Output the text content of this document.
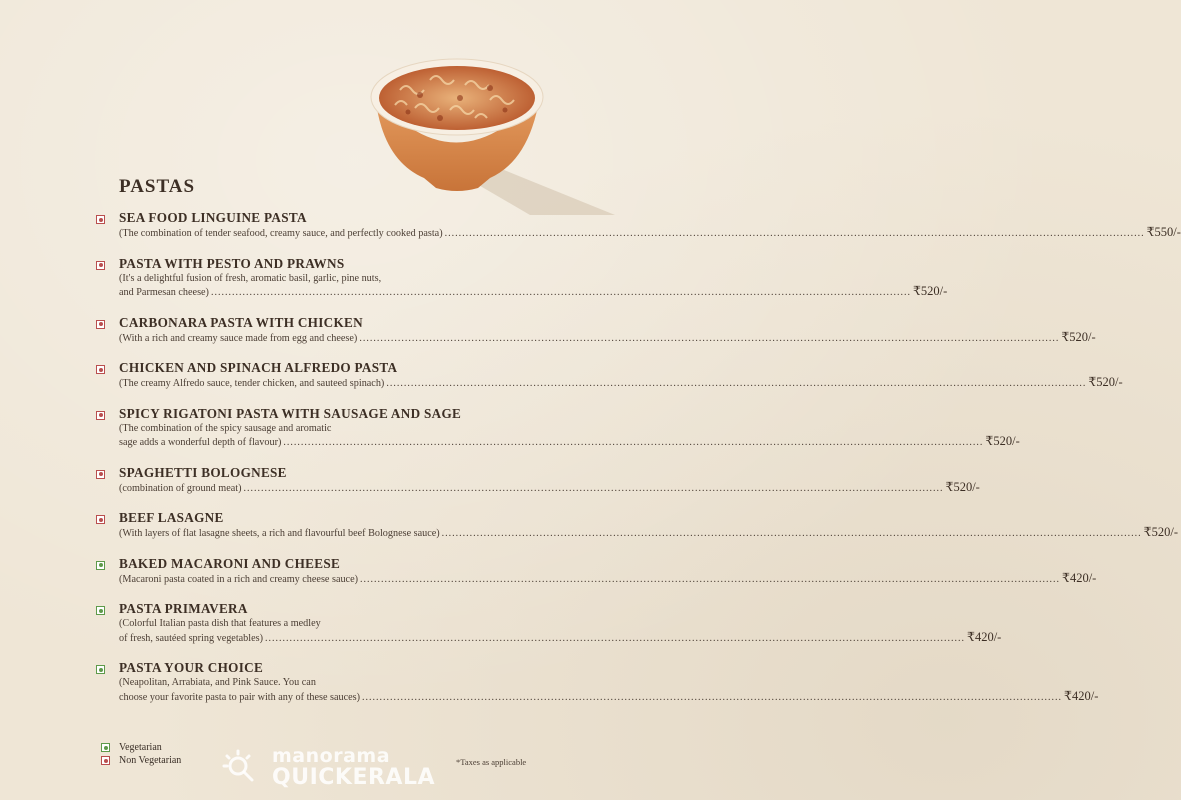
PASTAS
SEA FOOD LINGUINE PASTA
(The combination of tender seafood, creamy sauce, and perfectly cooked pasta) ........................................................................................................................................................................................................ ₹550/-
PASTA WITH PESTO AND PRAWNS
(It's a delightful fusion of fresh, aromatic basil, garlic, pine nuts,
and Parmesan cheese) ........................................................................................................................................................................................................ ₹520/-
CARBONARA PASTA WITH CHICKEN
(With a rich and creamy sauce made from egg and cheese) ........................................................................................................................................................................................................ ₹520/-
CHICKEN AND SPINACH ALFREDO PASTA
(The creamy Alfredo sauce, tender chicken, and sauteed spinach) ........................................................................................................................................................................................................ ₹520/-
SPICY RIGATONI PASTA WITH SAUSAGE AND SAGE
(The combination of the spicy sausage and aromatic
sage adds a wonderful depth of flavour) ........................................................................................................................................................................................................ ₹520/-
SPAGHETTI BOLOGNESE
(combination of ground meat) ........................................................................................................................................................................................................ ₹520/-
BEEF LASAGNE
(With layers of flat lasagne sheets, a rich and flavourful beef Bolognese sauce) ........................................................................................................................................................................................................ ₹520/-
BAKED MACARONI AND CHEESE
(Macaroni pasta coated in a rich and creamy cheese sauce) ........................................................................................................................................................................................................ ₹420/-
PASTA PRIMAVERA
(Colorful Italian pasta dish that features a medley
of fresh, sautéed spring vegetables) ........................................................................................................................................................................................................ ₹420/-
PASTA YOUR CHOICE
(Neapolitan, Arrabiata, and Pink Sauce. You can
choose your favorite pasta to pair with any of these sauces) ........................................................................................................................................................................................................ ₹420/-
Vegetarian
Non Vegetarian	manorama
QUICKERALA
*Taxes as applicable
